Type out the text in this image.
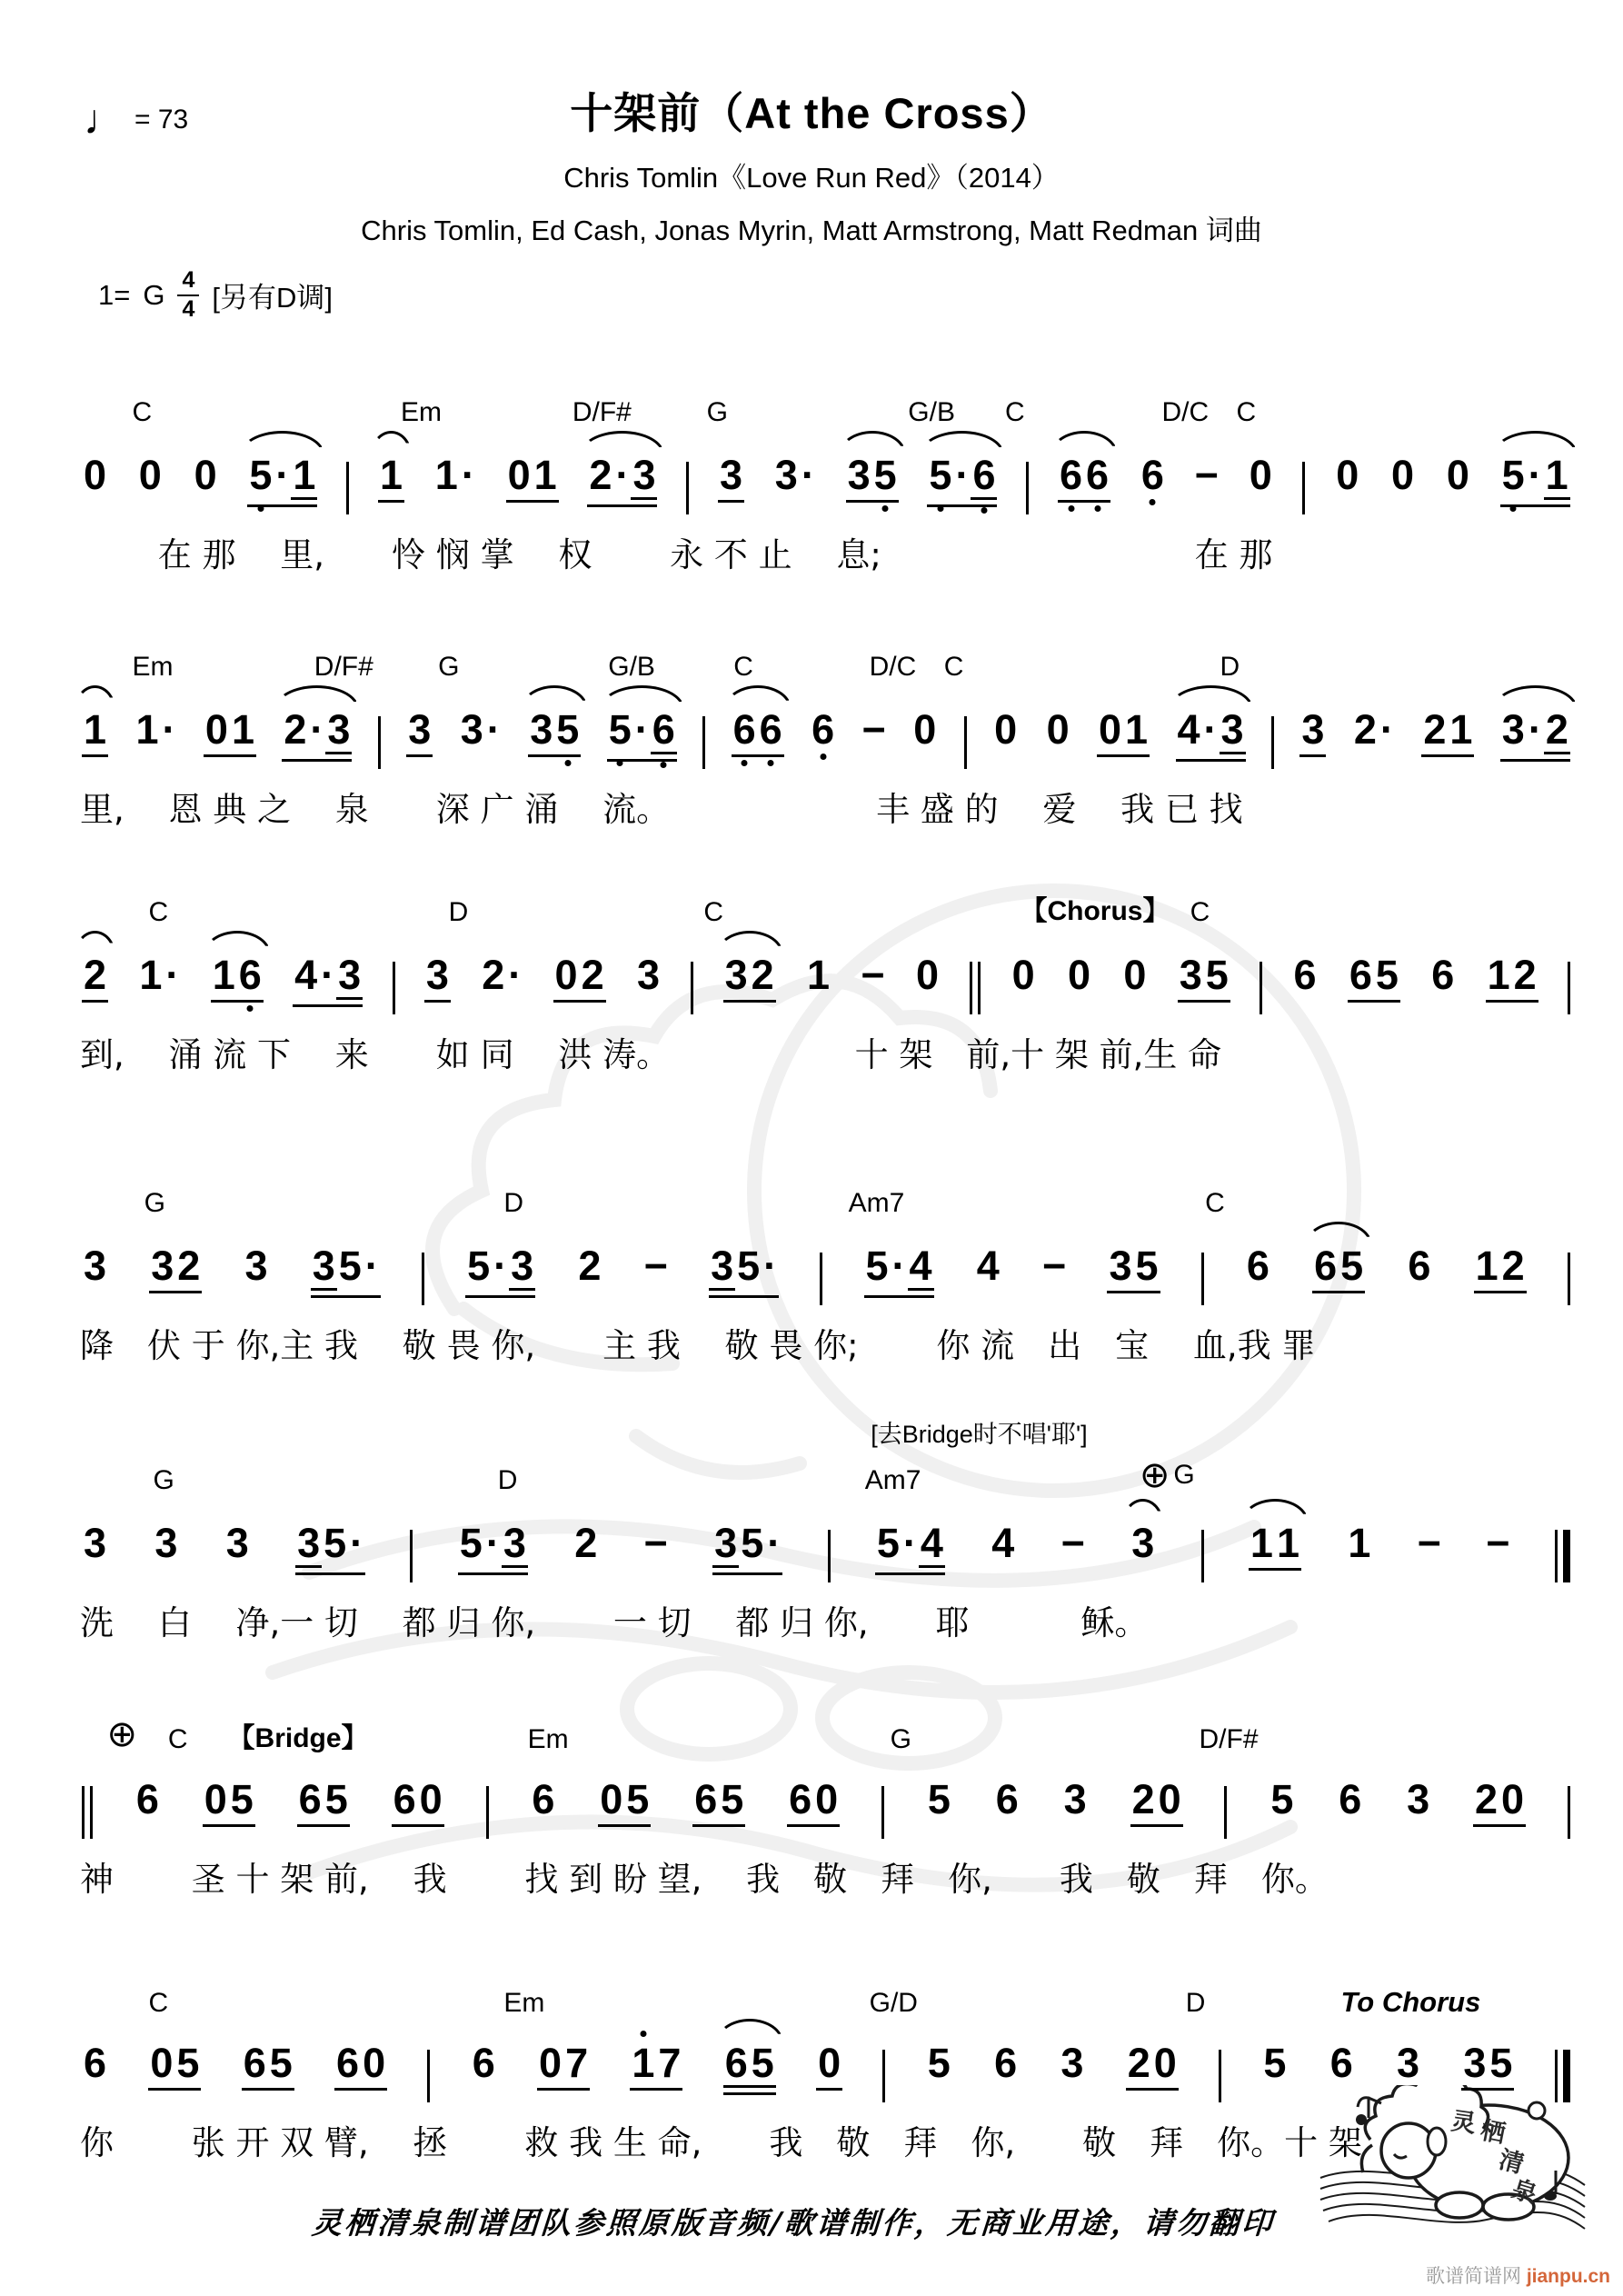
♩ = 73	十架前（At the Cross）
Chris Tomlin《Love Run Red》（2014）
Chris Tomlin, Ed Cash, Jonas Myrin, Matt Armstrong, Matt Redman 词曲
1= G $\frac{4}{4}$ [另有D调]
C	Em	D/F#	G	G/B C	D/C C
0 0 0 5·1 1 1· 01 2·3 3 3· 35 5·6 66 6 − 0 0 0 0 5·1
　　 在 那　 里,　　怜 悯 掌　 权　　 永 不 止　 息;　　　　　　　　　 在 那
Em	D/F# G	G/B	C	D/C C	D
1 1· 01 2·3 3 3· 35 5·6 66 6 − 0 0 0 01 4·3 3 2· 21 3·2
里,　 恩 典 之　 泉　　深 广 涌　 流。　　　　　　  丰 盛 的　 爱　 我 已 找
C	D	C	【Chorus】 C
2 1· 16 4·3 3 2· 02 3 32 1 − 0 0 0 0 35 6 65 6 12
到,　 涌 流 下　 来　　如 同　 洪 涛。　　　　　　十 架　前,十 架 前,生 命
G	D	Am7	C
3 32 3 35· 5·3 2 − 35· 5·4 4 − 35 6 65 6 12
降　伏 于 你,主 我　 敬 畏 你,　　主 我　 敬 畏 你;　　 你 流　出　宝　 血,我 罪
[去Bridge时不唱'耶']
G	D	Am7	⊕ G
3 3 3 35· 5·3 2 − 35· 5·4 4 − 3 11 1 − −
洗　 白　 净,一 切　 都 归 你,　　 一 切　 都 归 你,　　耶　　　 稣。
⊕ C 【Bridge】	Em	G	D/F#
6 05 65 60 6 05 65 60 5 6 3 20 5 6 3 20
神　　 圣 十 架 前,　 我　　 找 到 盼 望,　 我　敬　拜　你,　　我　敬　拜　你。
C	Em	G/D	D	To Chorus
6 05 65 60 6 07 17 65 0 5 6 3 20 5 6 3 35
你　　 张 开 双 臂,　 拯　　 救 我 生 命,　　我　敬　拜　你,　　敬　拜　你。十 架
灵栖清泉制谱团队参照原版音频/歌谱制作，无商业用途，请勿翻印
灵 栖
清
泉
歌谱简谱网 jianpu.cn
